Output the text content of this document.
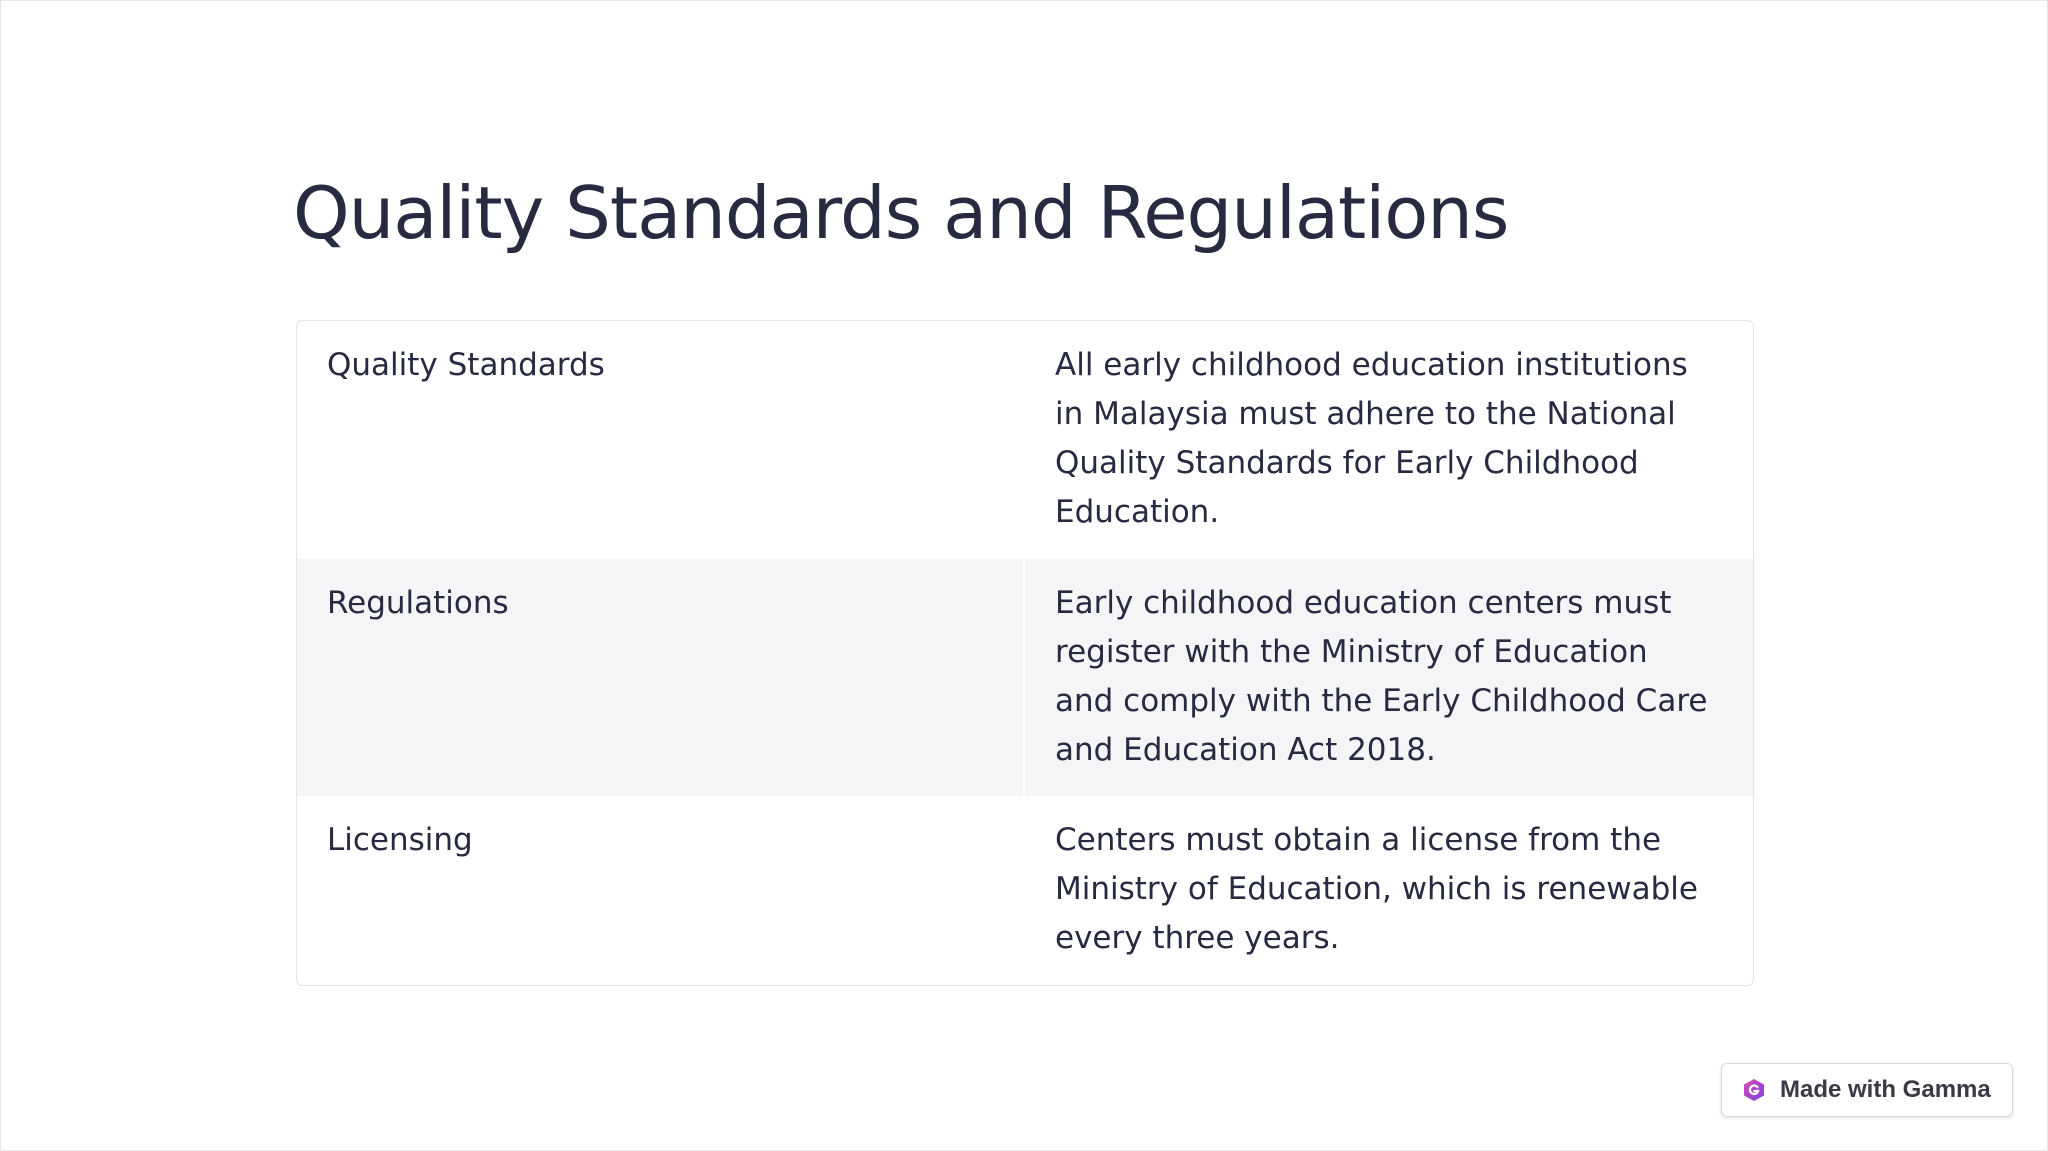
Quality Standards and Regulations
Quality Standards	All early childhood education institutions in Malaysia must adhere to the National Quality Standards for Early Childhood Education.
Regulations	Early childhood education centers must register with the Ministry of Education and comply with the Early Childhood Care and Education Act 2018.
Licensing	Centers must obtain a license from the Ministry of Education, which is renewable every three years.
Made with Gamma
